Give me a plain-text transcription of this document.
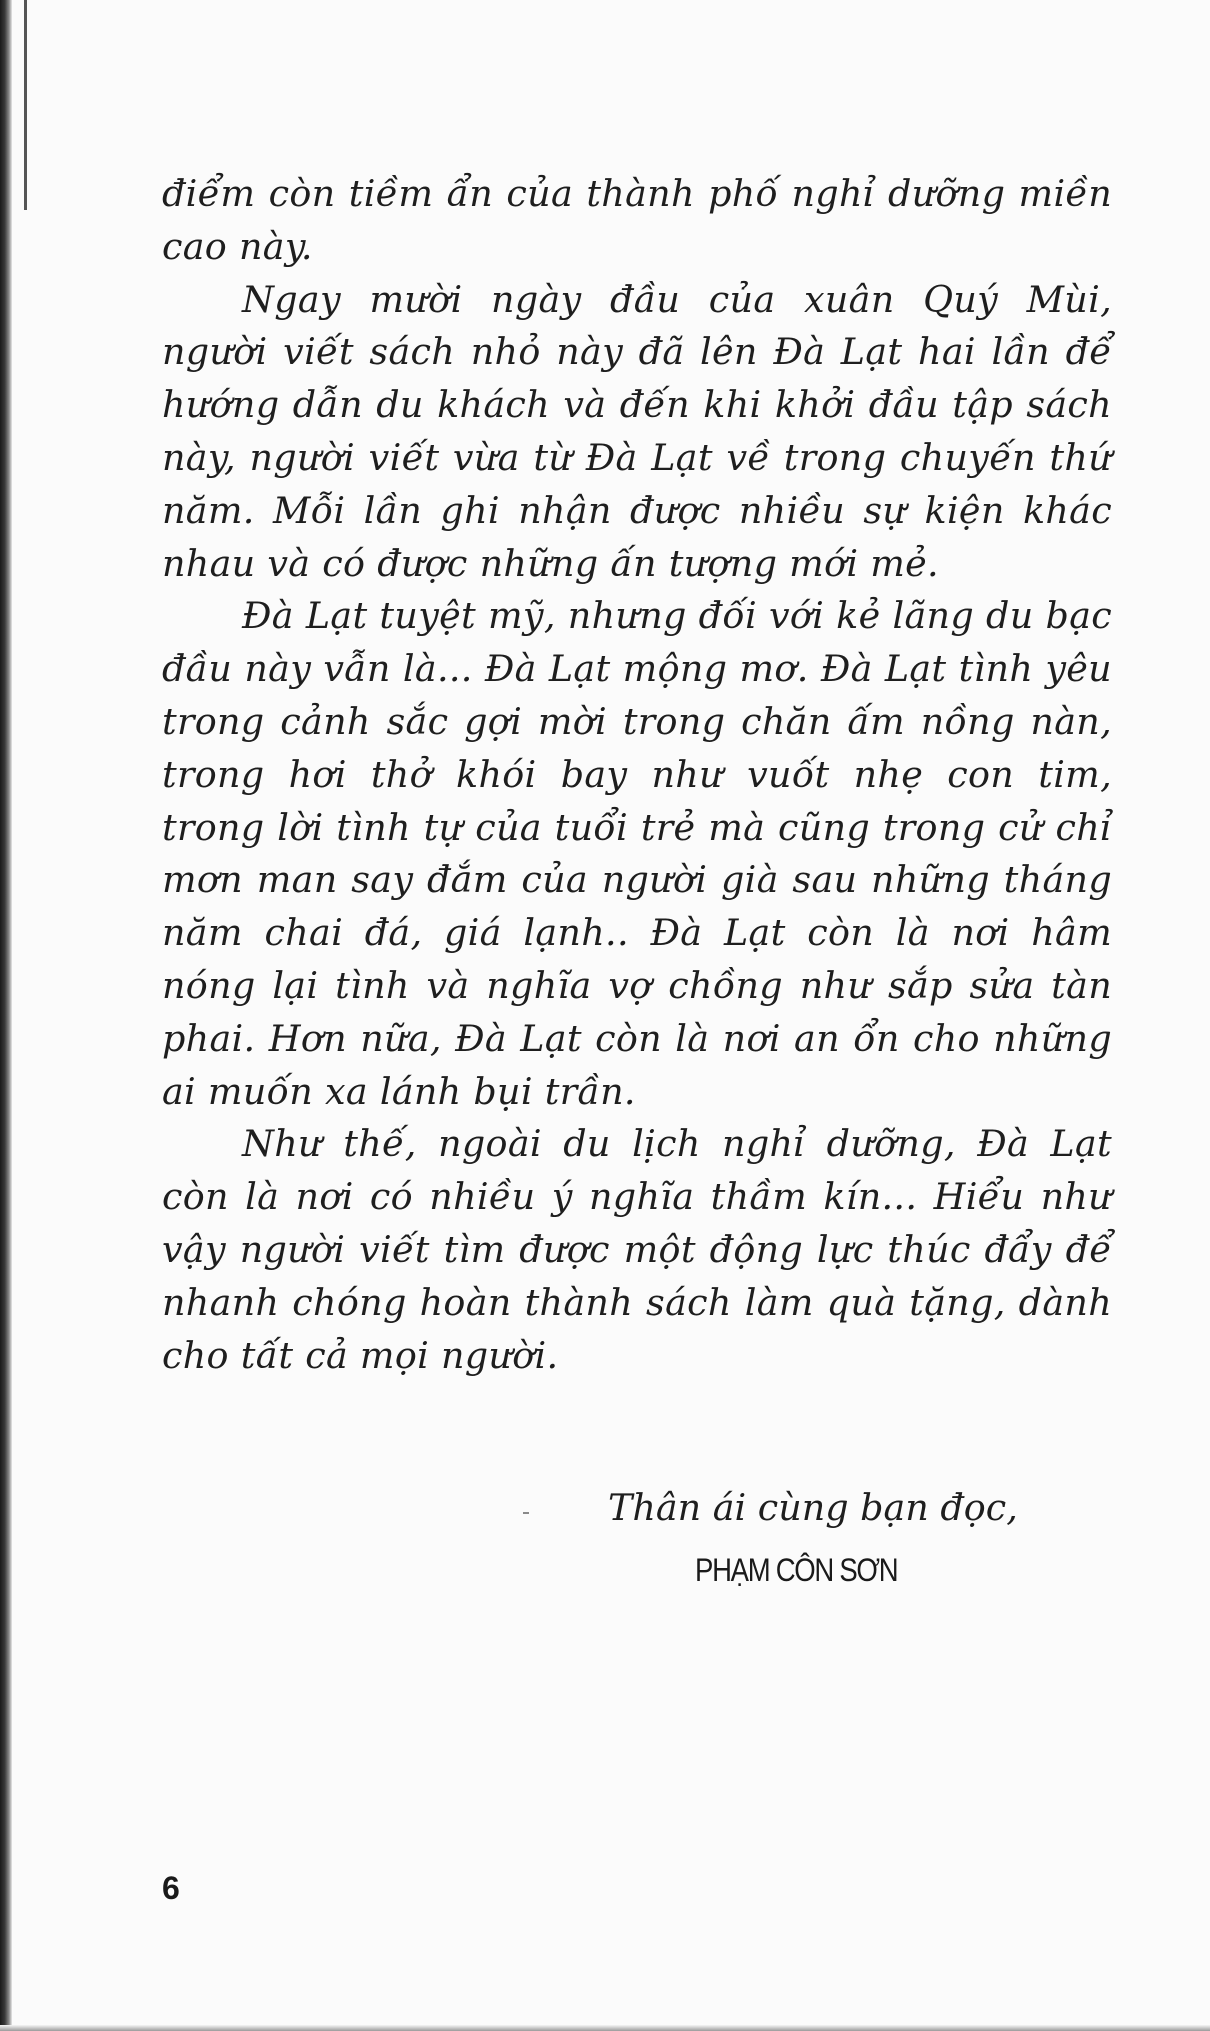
điểm còn tiềm ẩn của thành phố nghỉ dưỡng miền cao này.

Ngay mười ngày đầu của xuân Quý Mùi, người viết sách nhỏ này đã lên Đà Lạt hai lần để hướng dẫn du khách và đến khi khởi đầu tập sách này, người viết vừa từ Đà Lạt về trong chuyến thứ năm. Mỗi lần ghi nhận được nhiều sự kiện khác nhau và có được những ấn tượng mới mẻ.

Đà Lạt tuyệt mỹ, nhưng đối với kẻ lãng du bạc đầu này vẫn là... Đà Lạt mộng mơ. Đà Lạt tình yêu trong cảnh sắc gợi mời trong chăn ấm nồng nàn, trong hơi thở khói bay như vuốt nhẹ con tim, trong lời tình tự của tuổi trẻ mà cũng trong cử chỉ mơn man say đắm của người già sau những tháng năm chai đá, giá lạnh.. Đà Lạt còn là nơi hâm nóng lại tình và nghĩa vợ chồng như sắp sửa tàn phai. Hơn nữa, Đà Lạt còn là nơi an ổn cho những ai muốn xa lánh bụi trần.

Như thế, ngoài du lịch nghỉ dưỡng, Đà Lạt còn là nơi có nhiều ý nghĩa thầm kín... Hiểu như vậy người viết tìm được một động lực thúc đẩy để nhanh chóng hoàn thành sách làm quà tặng, dành cho tất cả mọi người.

Thân ái cùng bạn đọc,
PHẠM CÔN SƠN
6
